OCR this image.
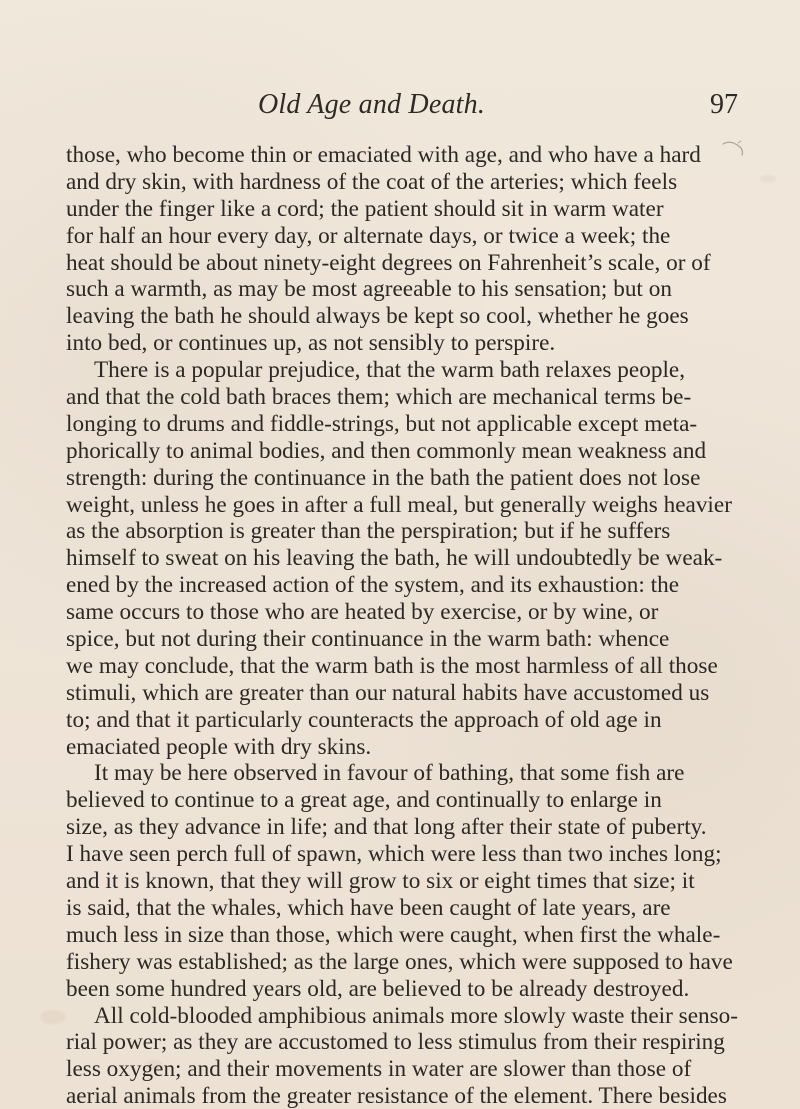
Old Age and Death.	97
those, who become thin or emaciated with age, and who have a hard
and dry skin, with hardness of the coat of the arteries; which feels
under the finger like a cord; the patient should sit in warm water
for half an hour every day, or alternate days, or twice a week; the
heat should be about ninety-eight degrees on Fahrenheit’s scale, or of
such a warmth, as may be most agreeable to his sensation; but on
leaving the bath he should always be kept so cool, whether he goes
into bed, or continues up, as not sensibly to perspire.
There is a popular prejudice, that the warm bath relaxes people,
and that the cold bath braces them; which are mechanical terms be-
longing to drums and fiddle-strings, but not applicable except meta-
phorically to animal bodies, and then commonly mean weakness and
strength: during the continuance in the bath the patient does not lose
weight, unless he goes in after a full meal, but generally weighs heavier
as the absorption is greater than the perspiration; but if he suffers
himself to sweat on his leaving the bath, he will undoubtedly be weak-
ened by the increased action of the system, and its exhaustion: the
same occurs to those who are heated by exercise, or by wine, or
spice, but not during their continuance in the warm bath: whence
we may conclude, that the warm bath is the most harmless of all those
stimuli, which are greater than our natural habits have accustomed us
to; and that it particularly counteracts the approach of old age in
emaciated people with dry skins.
It may be here observed in favour of bathing, that some fish are
believed to continue to a great age, and continually to enlarge in
size, as they advance in life; and that long after their state of puberty.
I have seen perch full of spawn, which were less than two inches long;
and it is known, that they will grow to six or eight times that size; it
is said, that the whales, which have been caught of late years, are
much less in size than those, which were caught, when first the whale-
fishery was established; as the large ones, which were supposed to have
been some hundred years old, are believed to be already destroyed.
All cold-blooded amphibious animals more slowly waste their senso-
rial power; as they are accustomed to less stimulus from their respiring
less oxygen; and their movements in water are slower than those of
aerial animals from the greater resistance of the element. There besides
